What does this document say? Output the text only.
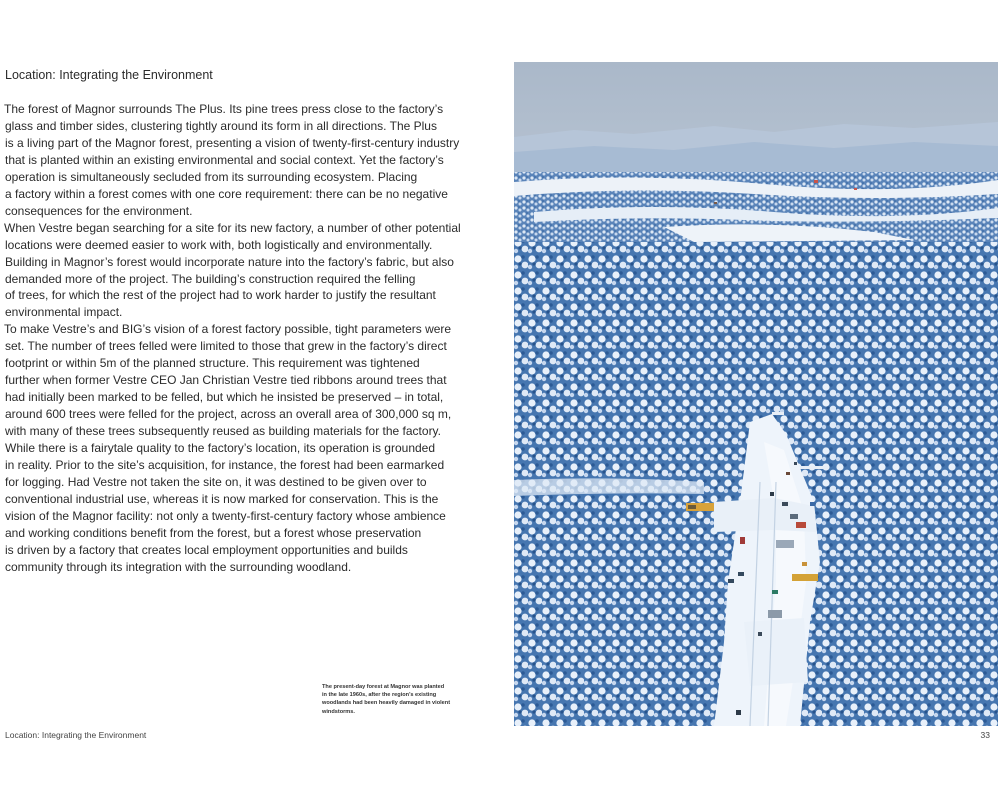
Location: Integrating the Environment
The forest of Magnor surrounds The Plus. Its pine trees press close to the factory’s
glass and timber sides, clustering tightly around its form in all directions. The Plus
is a living part of the Magnor forest, presenting a vision of twenty-first-century industry
that is planted within an existing environmental and social context. Yet the factory’s
operation is simultaneously secluded from its surrounding ecosystem. Placing
a factory within a forest comes with one core requirement: there can be no negative
consequences for the environment.
When Vestre began searching for a site for its new factory, a number of other potential
locations were deemed easier to work with, both logistically and environmentally.
Building in Magnor’s forest would incorporate nature into the factory’s fabric, but also
demanded more of the project. The building’s construction required the felling
of trees, for which the rest of the project had to work harder to justify the resultant
environmental impact.
To make Vestre’s and BIG’s vision of a forest factory possible, tight parameters were
set. The number of trees felled were limited to those that grew in the factory’s direct
footprint or within 5m of the planned structure. This requirement was tightened
further when former Vestre CEO Jan Christian Vestre tied ribbons around trees that
had initially been marked to be felled, but which he insisted be preserved – in total,
around 600 trees were felled for the project, across an overall area of 300,000 sq m,
with many of these trees subsequently reused as building materials for the factory.
While there is a fairytale quality to the factory’s location, its operation is grounded
in reality. Prior to the site’s acquisition, for instance, the forest had been earmarked
for logging. Had Vestre not taken the site on, it was destined to be given over to
conventional industrial use, whereas it is now marked for conservation. This is the
vision of the Magnor facility: not only a twenty-first-century factory whose ambience
and working conditions benefit from the forest, but a forest whose preservation
is driven by a factory that creates local employment opportunities and builds
community through its integration with the surrounding woodland.
The present-day forest at Magnor was planted
in the late 1960s, after the region’s existing
woodlands had been heavily damaged in violent
windstorms.
Location: Integrating the Environment	33
